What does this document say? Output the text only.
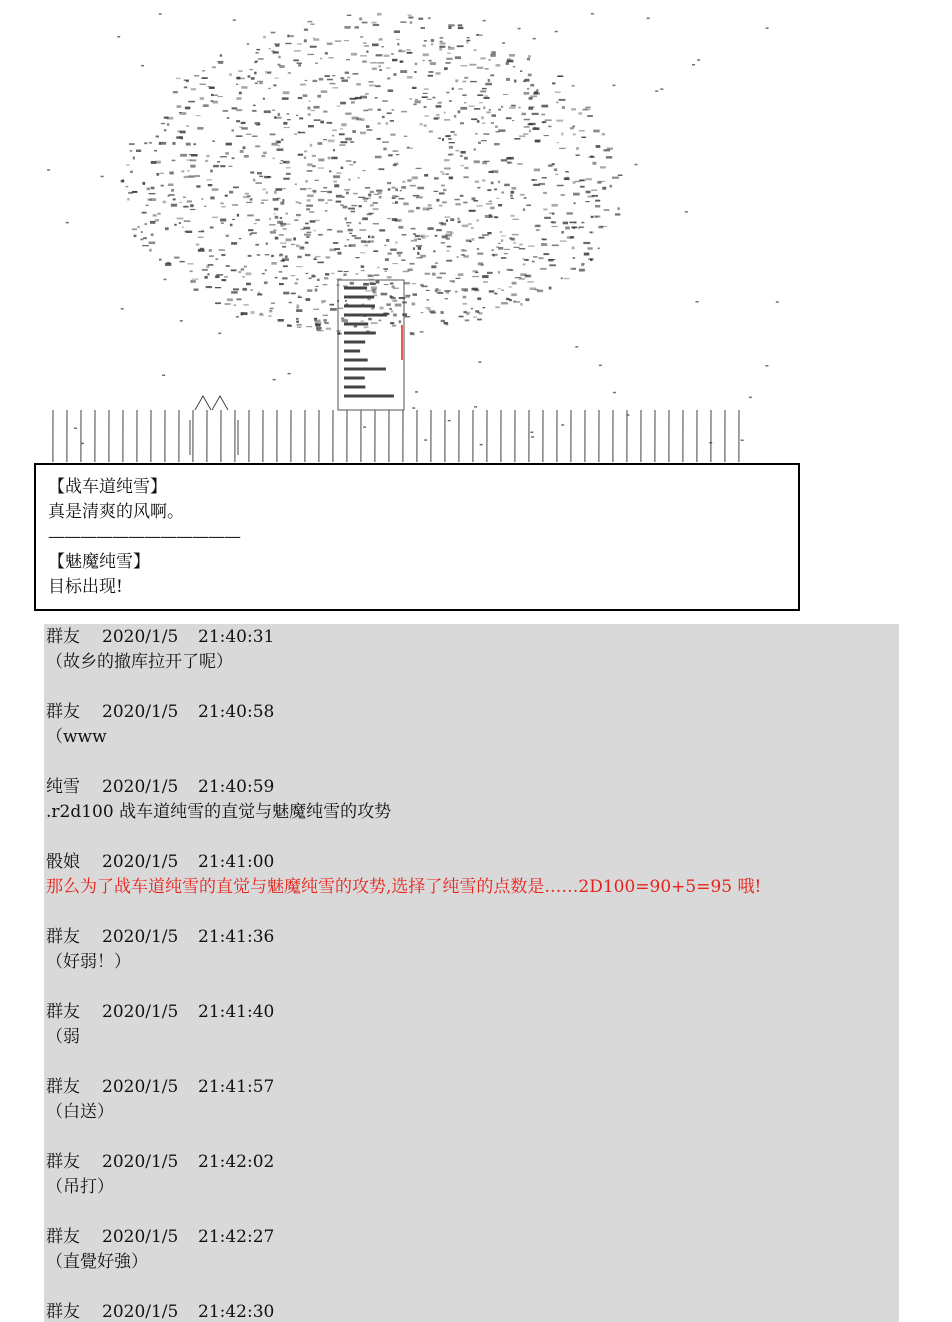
【战车道纯雪】
真是清爽的风啊。
————————————
【魅魔纯雪】
目标出现!
群友 2020/1/5 21:40:31
（故乡的撤库拉开了呢）
群友 2020/1/5 21:40:58
（www
纯雪 2020/1/5 21:40:59
.r2d100 战车道纯雪的直觉与魅魔纯雪的攻势
骰娘 2020/1/5 21:41:00
那么为了战车道纯雪的直觉与魅魔纯雪的攻势,选择了纯雪的点数是……2D100=90+5=95 哦!
群友 2020/1/5 21:41:36
（好弱！）
群友 2020/1/5 21:41:40
（弱
群友 2020/1/5 21:41:57
（白送）
群友 2020/1/5 21:42:02
（吊打）
群友 2020/1/5 21:42:27
（直覺好強）
群友 2020/1/5 21:42:30
